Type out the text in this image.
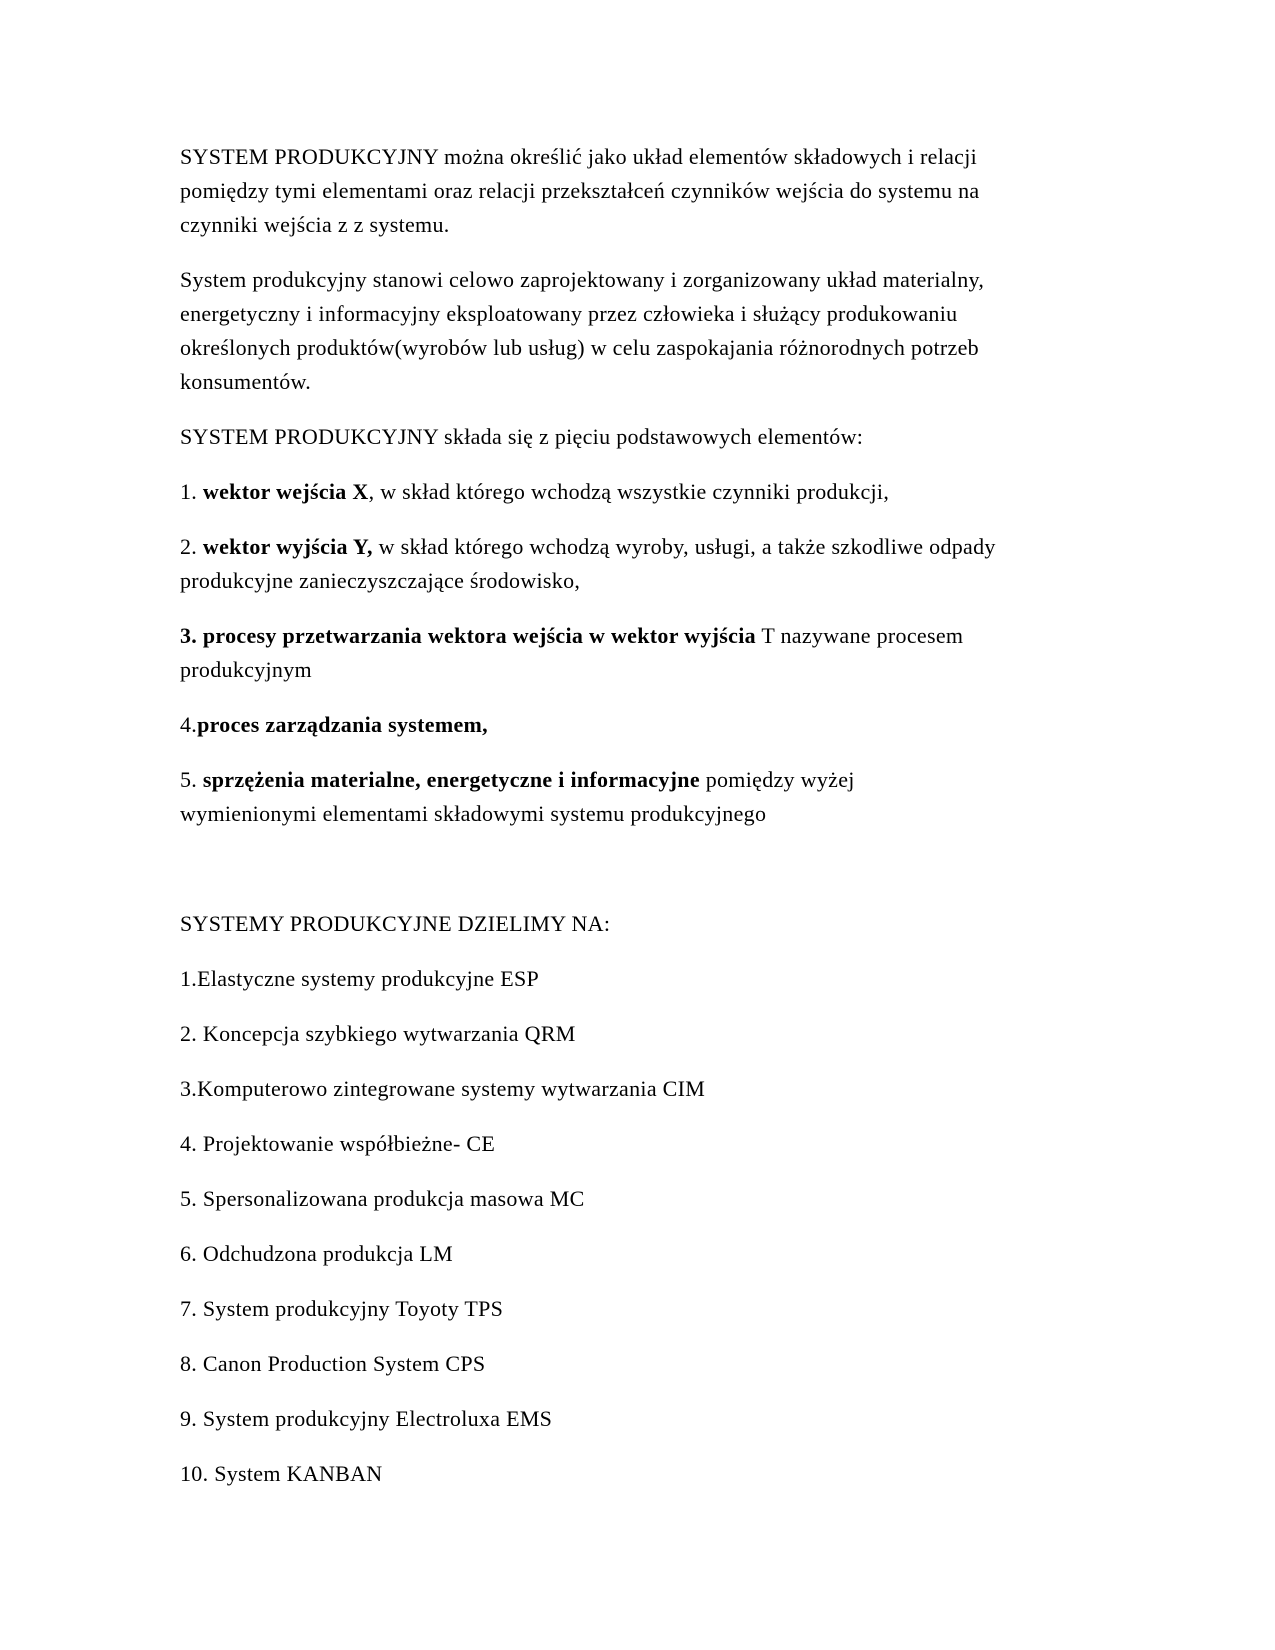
SYSTEM PRODUKCYJNY można określić jako układ elementów składowych i relacji
pomiędzy tymi elementami oraz relacji przekształceń czynników wejścia do systemu na
czynniki wejścia z z systemu.
System produkcyjny stanowi celowo zaprojektowany i zorganizowany układ materialny,
energetyczny i informacyjny eksploatowany przez człowieka i służący produkowaniu
określonych produktów(wyrobów lub usług) w celu zaspokajania różnorodnych potrzeb
konsumentów.
SYSTEM PRODUKCYJNY składa się z pięciu podstawowych elementów:
1. wektor wejścia X, w skład którego wchodzą wszystkie czynniki produkcji,
2. wektor wyjścia Y, w skład którego wchodzą wyroby, usługi, a także szkodliwe odpady
produkcyjne zanieczyszczające środowisko,
3. procesy przetwarzania wektora wejścia w wektor wyjścia T nazywane procesem
produkcyjnym
4.proces zarządzania systemem,
5. sprzężenia materialne, energetyczne i informacyjne pomiędzy wyżej
wymienionymi elementami składowymi systemu produkcyjnego
SYSTEMY PRODUKCYJNE DZIELIMY NA:
1.Elastyczne systemy produkcyjne ESP
2. Koncepcja szybkiego wytwarzania QRM
3.Komputerowo zintegrowane systemy wytwarzania CIM
4. Projektowanie współbieżne- CE
5. Spersonalizowana produkcja masowa MC
6. Odchudzona produkcja LM
7. System produkcyjny Toyoty TPS
8. Canon Production System CPS
9. System produkcyjny Electroluxa EMS
10. System KANBAN
